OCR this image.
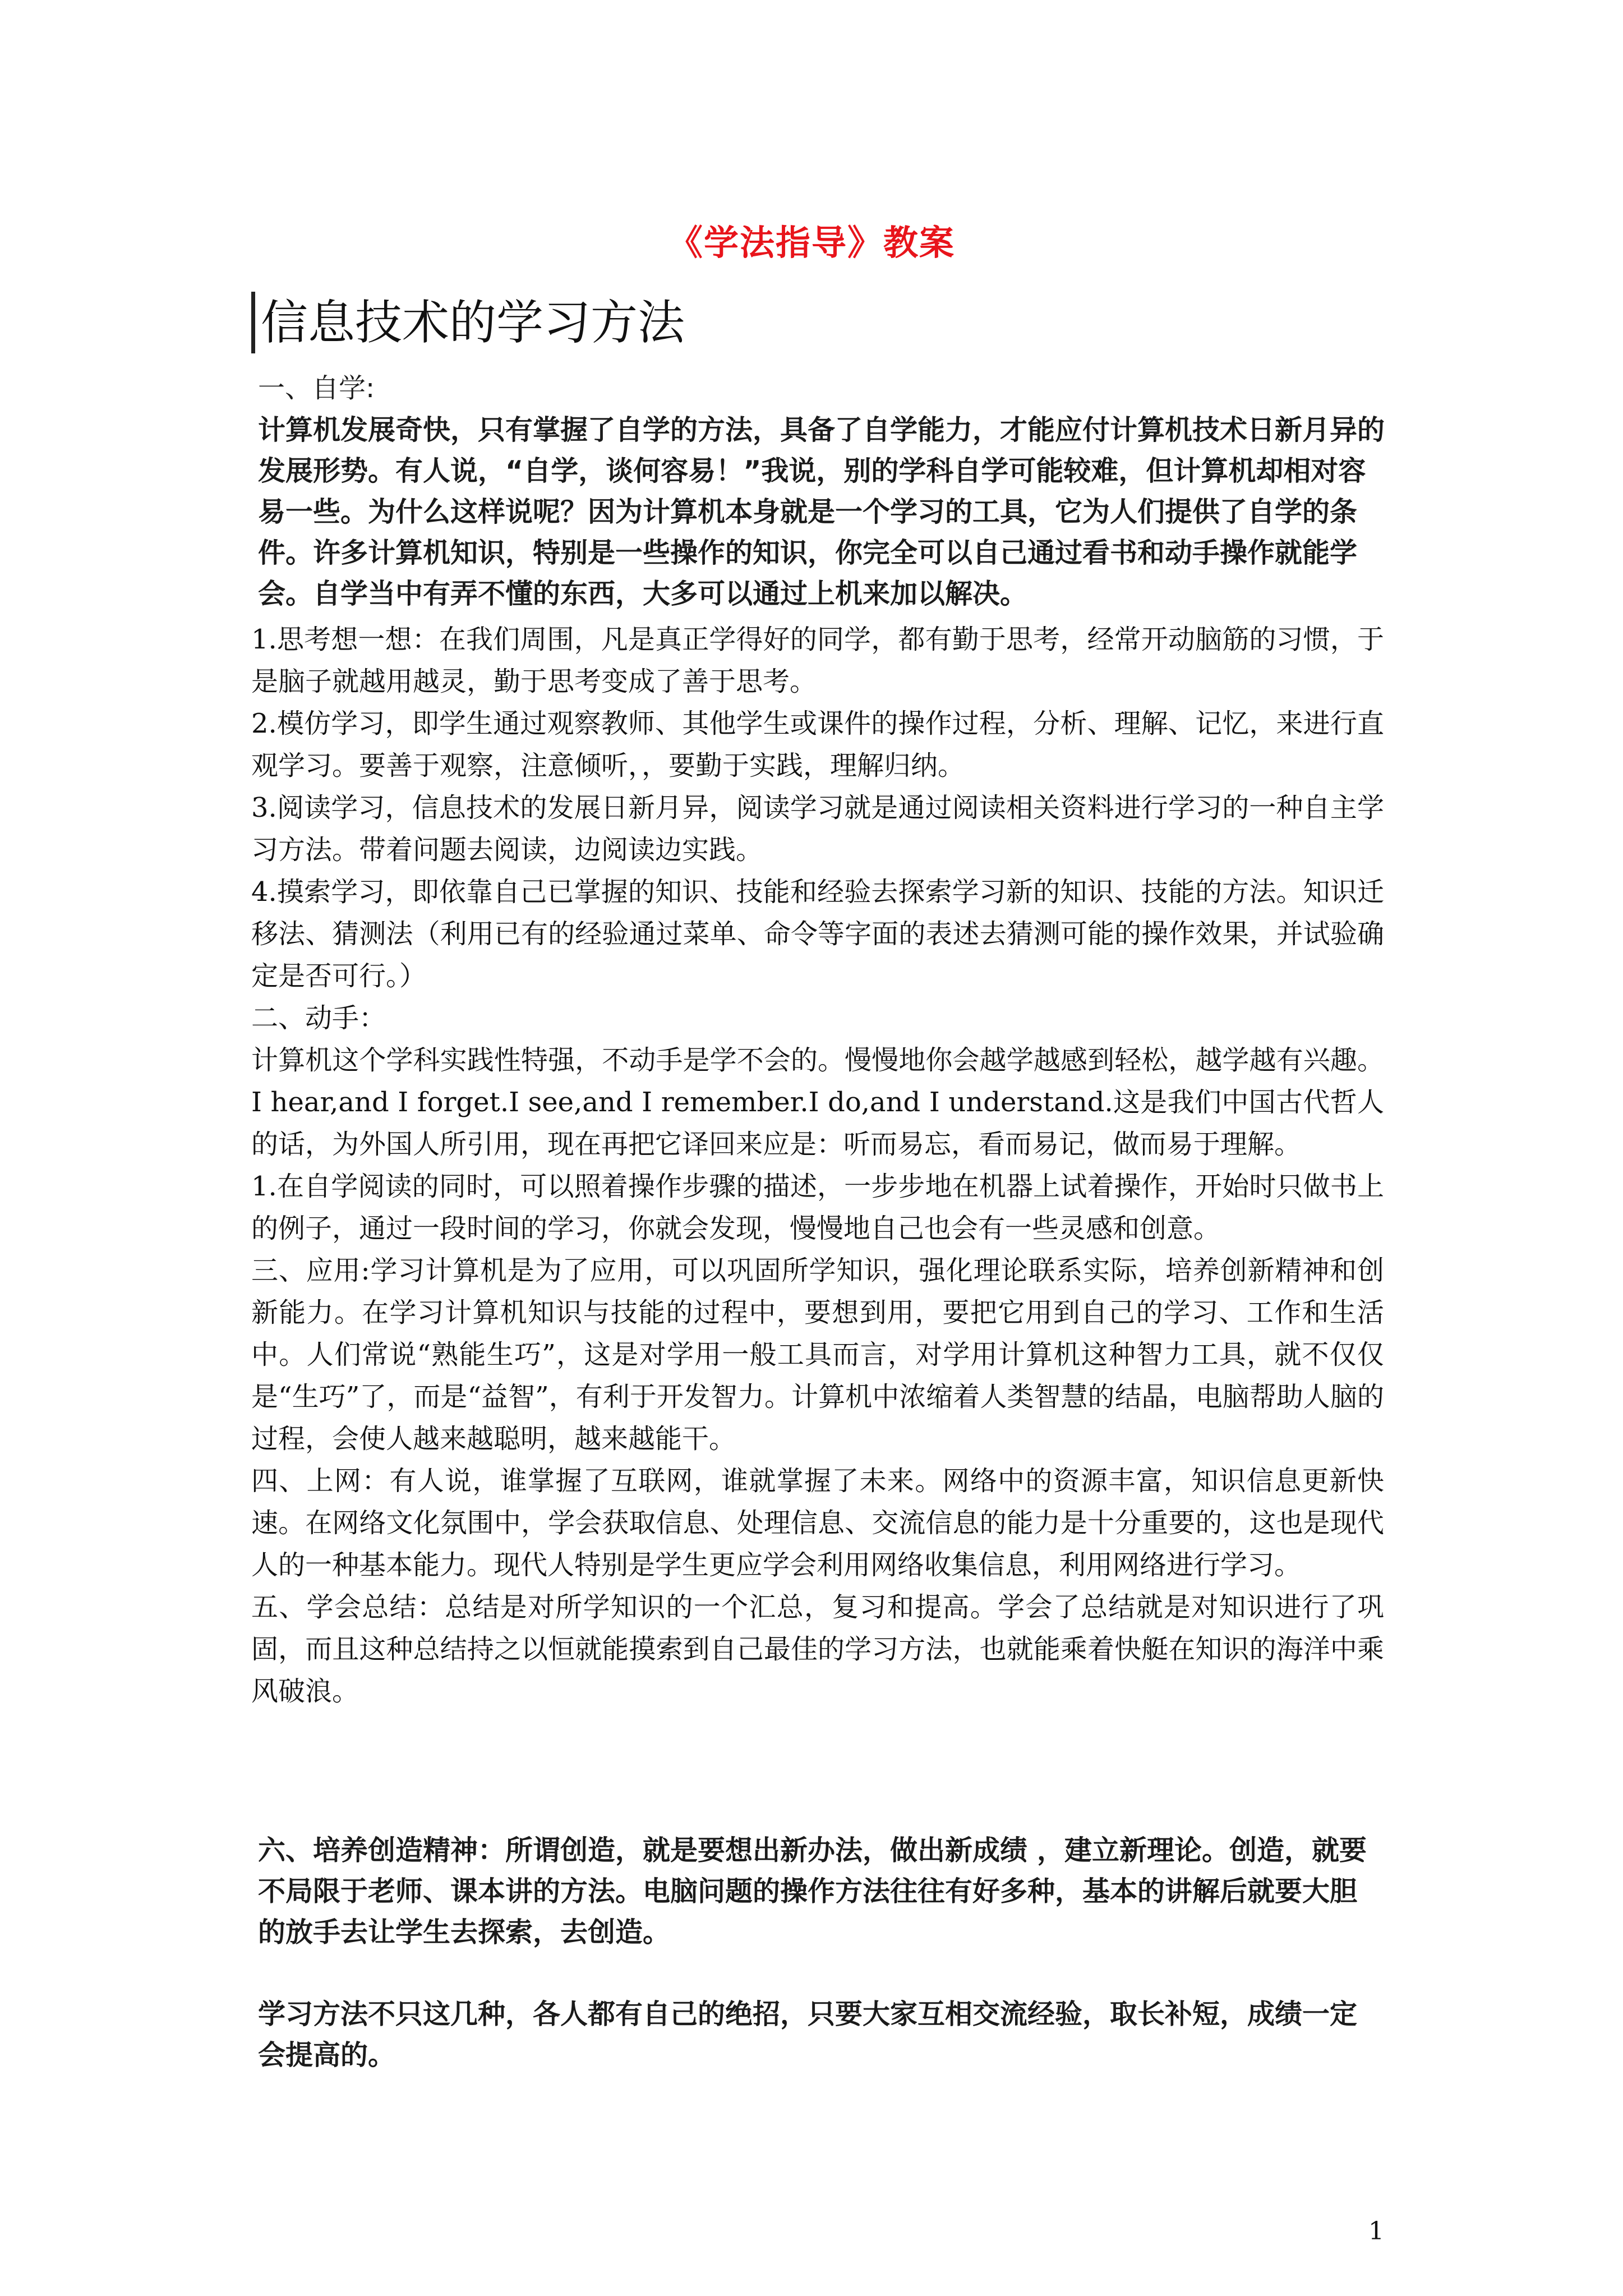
《学法指导》教案
信息技术的学习方法
一、自学:
计算机发展奇快，只有掌握了自学的方法，具备了自学能力，才能应付计算机技术日新月异的发展形势。有人说，“自学，谈何容易！”我说，别的学科自学可能较难，但计算机却相对容易一些。为什么这样说呢？因为计算机本身就是一个学习的工具，它为人们提供了自学的条件。许多计算机知识，特别是一些操作的知识，你完全可以自己通过看书和动手操作就能学会。自学当中有弄不懂的东西，大多可以通过上机来加以解决。

1.思考想一想：在我们周围，凡是真正学得好的同学，都有勤于思考，经常开动脑筋的习惯，于是脑子就越用越灵，勤于思考变成了善于思考。

2.模仿学习，即学生通过观察教师、其他学生或课件的操作过程，分析、理解、记忆，来进行直观学习。要善于观察，注意倾听，，要勤于实践，理解归纳。

3.阅读学习，信息技术的发展日新月异，阅读学习就是通过阅读相关资料进行学习的一种自主学习方法。带着问题去阅读，边阅读边实践。

4.摸索学习，即依靠自己已掌握的知识、技能和经验去探索学习新的知识、技能的方法。知识迁移法、猜测法（利用已有的经验通过菜单、命令等字面的表述去猜测可能的操作效果，并试验确定是否可行。）

二、动手：

计算机这个学科实践性特强，不动手是学不会的。慢慢地你会越学越感到轻松，越学越有兴趣。I hear,and I forget.I see,and I remember.I do,and I understand.这是我们中国古代哲人的话，为外国人所引用，现在再把它译回来应是：听而易忘，看而易记，做而易于理解。

1.在自学阅读的同时，可以照着操作步骤的描述，一步步地在机器上试着操作，开始时只做书上的例子，通过一段时间的学习，你就会发现，慢慢地自己也会有一些灵感和创意。

三、应用:学习计算机是为了应用，可以巩固所学知识，强化理论联系实际，培养创新精神和创新能力。在学习计算机知识与技能的过程中，要想到用，要把它用到自己的学习、工作和生活中。人们常说“熟能生巧”，这是对学用一般工具而言，对学用计算机这种智力工具，就不仅仅是“生巧”了，而是“益智”，有利于开发智力。计算机中浓缩着人类智慧的结晶，电脑帮助人脑的过程，会使人越来越聪明，越来越能干。

四、上网：有人说，谁掌握了互联网，谁就掌握了未来。网络中的资源丰富，知识信息更新快速。在网络文化氛围中，学会获取信息、处理信息、交流信息的能力是十分重要的，这也是现代人的一种基本能力。现代人特别是学生更应学会利用网络收集信息，利用网络进行学习。

五、学会总结：总结是对所学知识的一个汇总，复习和提高。学会了总结就是对知识进行了巩固，而且这种总结持之以恒就能摸索到自己最佳的学习方法，也就能乘着快艇在知识的海洋中乘风破浪。

六、培养创造精神：所谓创造，就是要想出新办法，做出新成绩 ，建立新理论。创造，就要不局限于老师、课本讲的方法。电脑问题的操作方法往往有好多种，基本的讲解后就要大胆的放手去让学生去探索，去创造。
学习方法不只这几种，各人都有自己的绝招，只要大家互相交流经验，取长补短，成绩一定会提高的。
1
